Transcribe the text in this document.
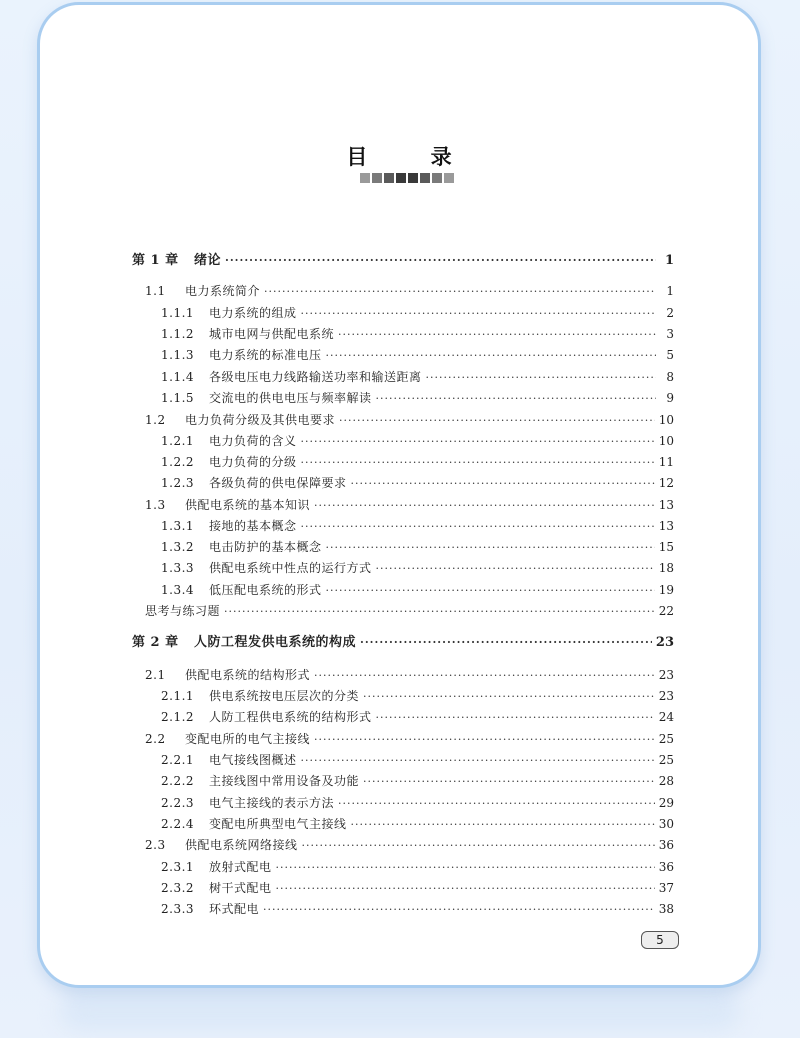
目 录
第 1 章	绪论 ·····	1
1.1	电力系统简介 ·····	1
1.1.1	电力系统的组成 ·····	2
1.1.2	城市电网与供配电系统 ·····	3
1.1.3	电力系统的标准电压 ·····	5
1.1.4	各级电压电力线路输送功率和输送距离 ·····	8
1.1.5	交流电的供电电压与频率解读 ·····	9
1.2	电力负荷分级及其供电要求 ·····	10
1.2.1	电力负荷的含义 ·····	10
1.2.2	电力负荷的分级 ·····	11
1.2.3	各级负荷的供电保障要求 ·····	12
1.3	供配电系统的基本知识 ·····	13
1.3.1	接地的基本概念 ·····	13
1.3.2	电击防护的基本概念 ·····	15
1.3.3	供配电系统中性点的运行方式 ·····	18
1.3.4	低压配电系统的形式 ·····	19
思考与练习题 ·····	22
第 2 章	人防工程发供电系统的构成 ·····	23
2.1	供配电系统的结构形式 ·····	23
2.1.1	供电系统按电压层次的分类 ·····	23
2.1.2	人防工程供电系统的结构形式 ·····	24
2.2	变配电所的电气主接线 ·····	25
2.2.1	电气接线图概述 ·····	25
2.2.2	主接线图中常用设备及功能 ·····	28
2.2.3	电气主接线的表示方法 ·····	29
2.2.4	变配电所典型电气主接线 ·····	30
2.3	供配电系统网络接线 ·····	36
2.3.1	放射式配电 ·····	36
2.3.2	树干式配电 ·····	37
2.3.3	环式配电 ·····	38
5
